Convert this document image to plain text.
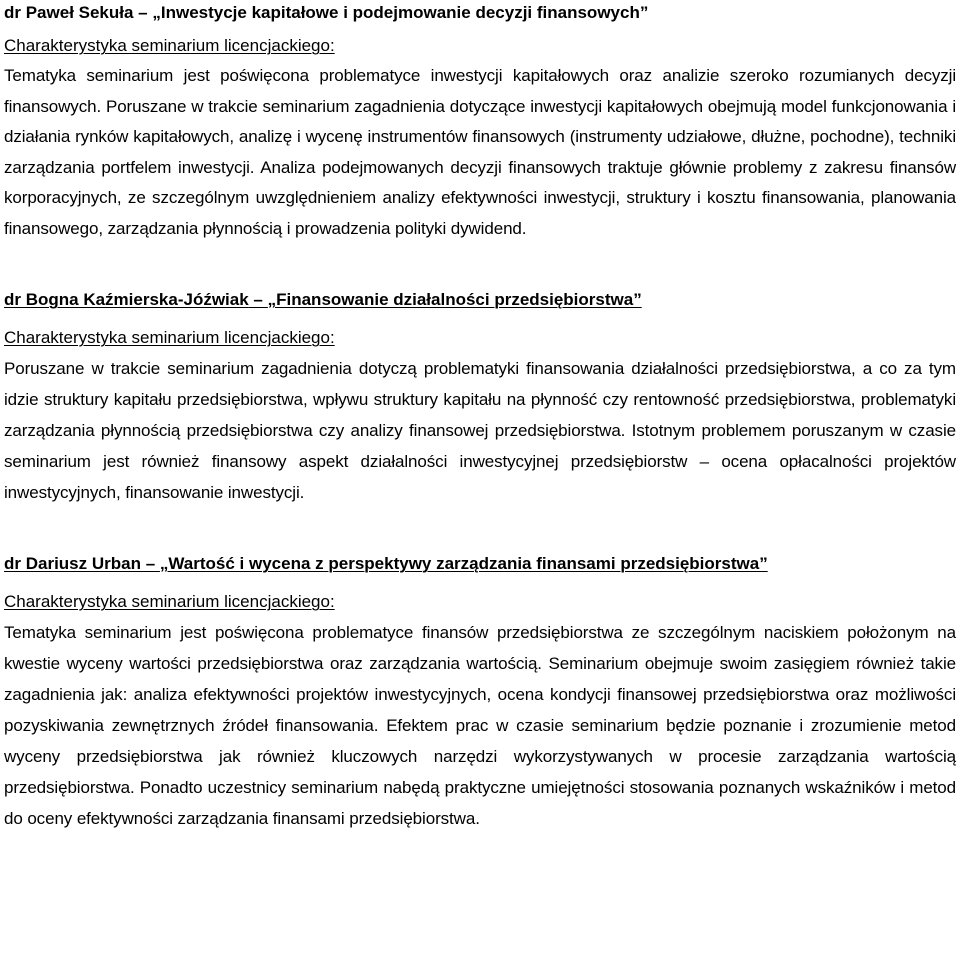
dr Paweł Sekuła – „Inwestycje kapitałowe i podejmowanie decyzji finansowych”
Charakterystyka seminarium licencjackiego:

Tematyka seminarium jest poświęcona problematyce inwestycji kapitałowych oraz analizie szeroko rozumianych decyzji finansowych. Poruszane w trakcie seminarium zagadnienia dotyczące inwestycji kapitałowych obejmują model funkcjonowania i działania rynków kapitałowych, analizę i wycenę instrumentów finansowych (instrumenty udziałowe, dłużne, pochodne), techniki zarządzania portfelem inwestycji. Analiza podejmowanych decyzji finansowych traktuje głównie problemy z zakresu finansów korporacyjnych, ze szczególnym uwzględnieniem analizy efektywności inwestycji, struktury i kosztu finansowania, planowania finansowego, zarządzania płynnością i prowadzenia polityki dywidend.

dr Bogna Kaźmierska-Jóźwiak – „Finansowanie działalności przedsiębiorstwa”
Charakterystyka seminarium licencjackiego:

Poruszane w trakcie seminarium zagadnienia dotyczą problematyki finansowania działalności przedsiębiorstwa, a co za tym idzie struktury kapitału przedsiębiorstwa, wpływu struktury kapitału na płynność czy rentowność przedsiębiorstwa, problematyki zarządzania płynnością przedsiębiorstwa czy analizy finansowej przedsiębiorstwa. Istotnym problemem poruszanym w czasie seminarium jest również finansowy aspekt działalności inwestycyjnej przedsiębiorstw – ocena opłacalności projektów inwestycyjnych, finansowanie inwestycji.

dr Dariusz Urban – „Wartość i wycena z perspektywy zarządzania finansami przedsiębiorstwa”
Charakterystyka seminarium licencjackiego:

Tematyka seminarium jest poświęcona problematyce finansów przedsiębiorstwa ze szczególnym naciskiem położonym na kwestie wyceny wartości przedsiębiorstwa oraz zarządzania wartością. Seminarium obejmuje swoim zasięgiem również takie zagadnienia jak: analiza efektywności projektów inwestycyjnych, ocena kondycji finansowej przedsiębiorstwa oraz możliwości pozyskiwania zewnętrznych źródeł finansowania. Efektem prac w czasie seminarium będzie poznanie i zrozumienie metod wyceny przedsiębiorstwa jak również kluczowych narzędzi wykorzystywanych w procesie zarządzania wartością przedsiębiorstwa. Ponadto uczestnicy seminarium nabędą praktyczne umiejętności stosowania poznanych wskaźników i metod do oceny efektywności zarządzania finansami przedsiębiorstwa.
